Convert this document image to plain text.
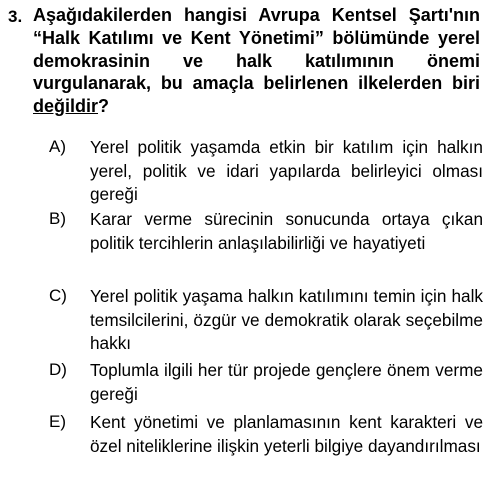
3. Aşağıdakilerden hangisi Avrupa Kentsel Şartı'nın “Halk Katılımı ve Kent Yönetimi” bölümünde yerel demokrasinin ve halk katılımının önemi vurgulanarak, bu amaçla belirlenen ilkelerden biri değildir?
A) Yerel politik yaşamda etkin bir katılım için halkın yerel, politik ve idari yapılarda belirleyici olması gereği
B) Karar verme sürecinin sonucunda ortaya çıkan politik tercihlerin anlaşılabilirliği ve hayatiyeti
C) Yerel politik yaşama halkın katılımını temin için halk temsilcilerini, özgür ve demokratik olarak seçebilme hakkı
D) Toplumla ilgili her tür projede gençlere önem verme gereği
E) Kent yönetimi ve planlamasının kent karakteri ve özel niteliklerine ilişkin yeterli bilgiye dayandırılması
